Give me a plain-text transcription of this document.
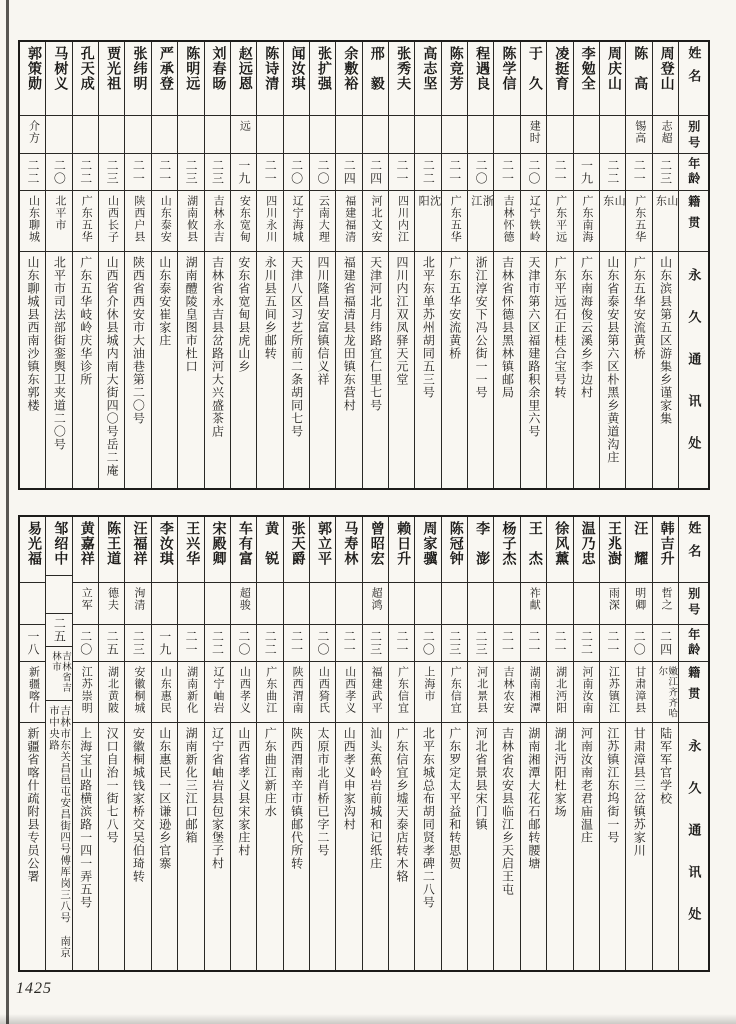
姓名
别号
年龄
籍贯
永久通讯处
周登山
志超
二三
山东
山东滨县第五区游集乡谨家集
陈高
锡高
二一
广东五华
广东五华安流黄桥
周庆山
二二
山东
山东省泰安县第六区朴黑乡黄道沟庄
李勉全
一九
广东南海
广东南海俊云溪乡李边村
凌挺育
二一
广东平远
广东平远石正桂合宝号转
于久
建时
二〇
辽宁铁岭
天津市第六区福建路积余里六号
陈学信
二一
吉林怀德
吉林省怀德县黑林镇邮局
程遇良
二〇
浙江
浙江淳安下冯公街一一号
陈竞芳
二一
广东五华
广东五华安流黄桥
高志坚
二二
沈阳
北平东单苏州胡同五三号
张秀夫
二一
四川内江
四川内江双凤驿天元堂
邢毅
二四
河北文安
天津河北月纬路宜仁里七号
余敷裕
二四
福建福清
福建省福清县龙田镇东营村
张扩强
二〇
云南大理
四川隆昌安富镇信义祥
闻汝琪
二〇
辽宁海城
天津八区习艺所前二条胡同七号
陈诗清
二一
四川永川
永川县五间乡邮转
赵远恩
远
一九
安东宽甸
安东省宽甸县虎山乡
刘春旸
二三
吉林永吉
吉林省永吉县岔路河大兴盛茶店
陈明远
二三
湖南攸县
湖南醴陵皇图市杜口
严承登
二一
山东泰安
山东泰安崔家庄
张纬明
二一
陕西户县
陕西省西安市大油巷第二〇号
贾光祖
二三
山西长子
山西省介休县城内南大街四〇号岳二庵
孔天成
二二
广东五华
广东五华岐岭庆华诊所
马树义
二〇
北平市
北平市司法部街銮舆卫夹道二〇号
郭策勋
介方
二二
山东聊城
山东聊城县西南沙镇东郭楼
姓名
别号
年龄
籍贯
永久通讯处
韩吉升
哲之
二四
嫩江齐齐哈尔
陆军军官学校
汪耀
明卿
二〇
甘肃漳县
甘肃漳县三岔镇苏家川
王兆澍
雨深
二一
江苏镇江
江苏镇江东坞街一号
温乃忠
二二
河南汝南
河南汝南老君庙温庄
徐风薰
二一
湖北沔阳
湖北沔阳杜家场
王杰
祚献
二一
湖南湘潭
湖南湘潭大花石邮转腰塘
杨子杰
二一
吉林农安
吉林省农安县临江乡天启王屯
李澎
二三
河北景县
河北省景县宋门镇
陈冠钟
二三
广东信宜
广东罗定太平益和转思贺
周家骥
二〇
上海市
北平东城总布胡同贤孝碑二八号
赖日升
二一
广东信宜
广东信宜乡墟天泰店转木辂
曾昭宏
超鸿
二三
福建武平
汕头蕉岭岩前城和记纸庄
马寿林
二一
山西孝义
山西孝义申家沟村
郭立平
二〇
山西猗氏
太原市北肖桥已字二号
张天爵
二一
陕西渭南
陕西渭南辛市镇邮代所转
黄锐
二二
广东曲江
广东曲江新庄水
车有富
超骏
二〇
山西孝义
山西省孝义县宋家庄村
宋殿卿
二二
辽宁岫岩
辽宁省岫岩县包家堡子村
王兴华
二一
湖南新化
湖南新化三江口邮箱
李汝琪
一九
山东惠民
山东惠民一区谦逊乡官寨
汪福祥
洵清
二三
安徽桐城
安徽桐城钱家桥交吴伯琦转
陈王道
德夫
二五
湖北黄陂
汉口自治一街七八号
黄嘉祥
立军
二〇
江苏崇明
上海宝山路横滨路一四一弄五号
邹绍中
二五
吉林省吉林市
吉林市东关昌邑屯安昌街四号傅厍岗三八号 南京市中央路
易光福
一八
新疆喀什
新疆省喀什疏附县专员公署
1425
